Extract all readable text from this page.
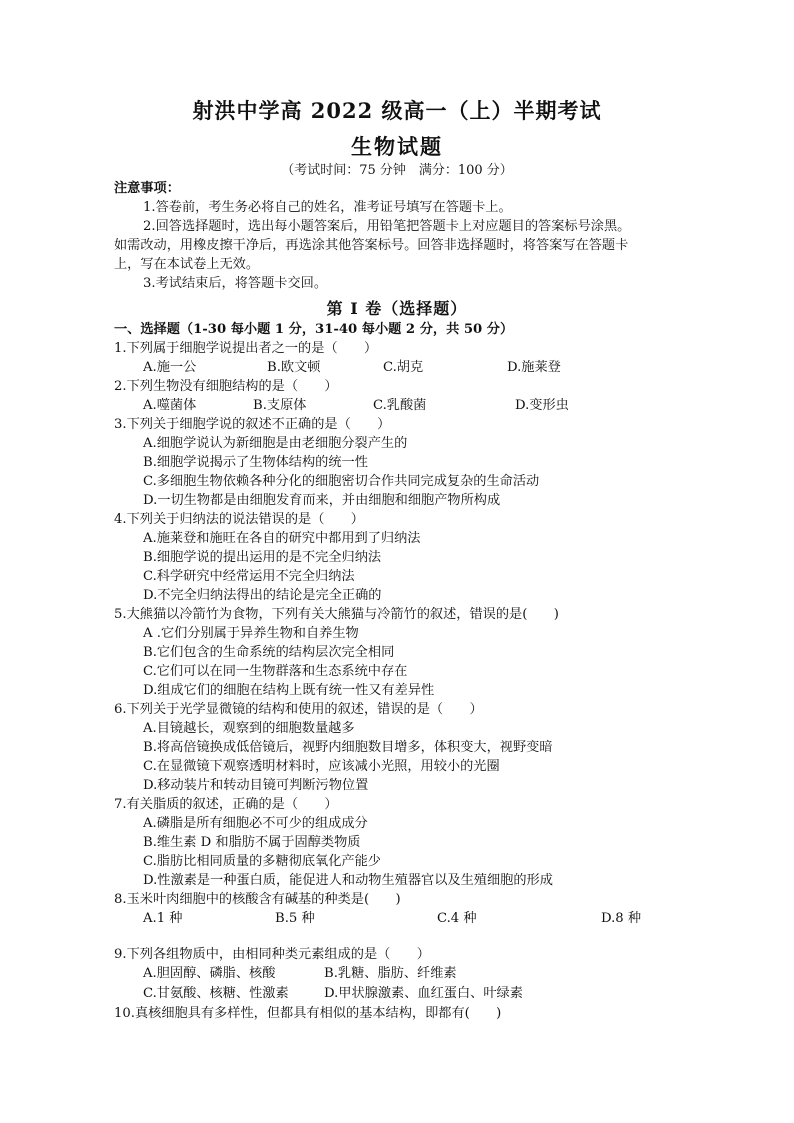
射洪中学高 2022 级高一（上）半期考试
生物试题
（考试时间：75 分钟　满分：100 分）
注意事项：
1.答卷前，考生务必将自己的姓名，准考证号填写在答题卡上。
2.回答选择题时，选出每小题答案后，用铅笔把答题卡上对应题目的答案标号涂黑。
如需改动，用橡皮擦干净后，再选涂其他答案标号。回答非选择题时，将答案写在答题卡
上，写在本试卷上无效。
3.考试结束后，将答题卡交回。
第 I 卷（选择题）
一、选择题（1-30 每小题 1 分，31-40 每小题 2 分，共 50 分）
1.下列属于细胞学说提出者之一的是（　　）
A.施一公	B.欧文顿	C.胡克	D.施莱登
2.下列生物没有细胞结构的是（　　）
A.噬菌体	B.支原体	C.乳酸菌	D.变形虫
3.下列关于细胞学说的叙述不正确的是（　　）
A.细胞学说认为新细胞是由老细胞分裂产生的
B.细胞学说揭示了生物体结构的统一性
C.多细胞生物依赖各种分化的细胞密切合作共同完成复杂的生命活动
D.一切生物都是由细胞发育而来，并由细胞和细胞产物所构成
4.下列关于归纳法的说法错误的是（　　）
A.施莱登和施旺在各自的研究中都用到了归纳法
B.细胞学说的提出运用的是不完全归纳法
C.科学研究中经常运用不完全归纳法
D.不完全归纳法得出的结论是完全正确的
5.大熊猫以冷箭竹为食物，下列有关大熊猫与冷箭竹的叙述，错误的是(　　)
A .它们分别属于异养生物和自养生物
B.它们包含的生命系统的结构层次完全相同
C.它们可以在同一生物群落和生态系统中存在
D.组成它们的细胞在结构上既有统一性又有差异性
6.下列关于光学显微镜的结构和使用的叙述，错误的是（　　）
A.目镜越长，观察到的细胞数量越多
B.将高倍镜换成低倍镜后，视野内细胞数目增多，体积变大，视野变暗
C.在显微镜下观察透明材料时，应该减小光照，用较小的光圈
D.移动装片和转动目镜可判断污物位置
7.有关脂质的叙述，正确的是（　　）
A.磷脂是所有细胞必不可少的组成成分
B.维生素 D 和脂肪不属于固醇类物质
C.脂肪比相同质量的多糖彻底氧化产能少
D.性激素是一种蛋白质，能促进人和动物生殖器官以及生殖细胞的形成
8.玉米叶肉细胞中的核酸含有碱基的种类是(　　)
A.1 种	B.5 种	C.4 种	D.8 种
9.下列各组物质中，由相同种类元素组成的是（　　）
A.胆固醇、磷脂、核酸	B.乳糖、脂肪、纤维素
C.甘氨酸、核糖、性激素	D.甲状腺激素、血红蛋白、叶绿素
10.真核细胞具有多样性，但都具有相似的基本结构，即都有(　　)
